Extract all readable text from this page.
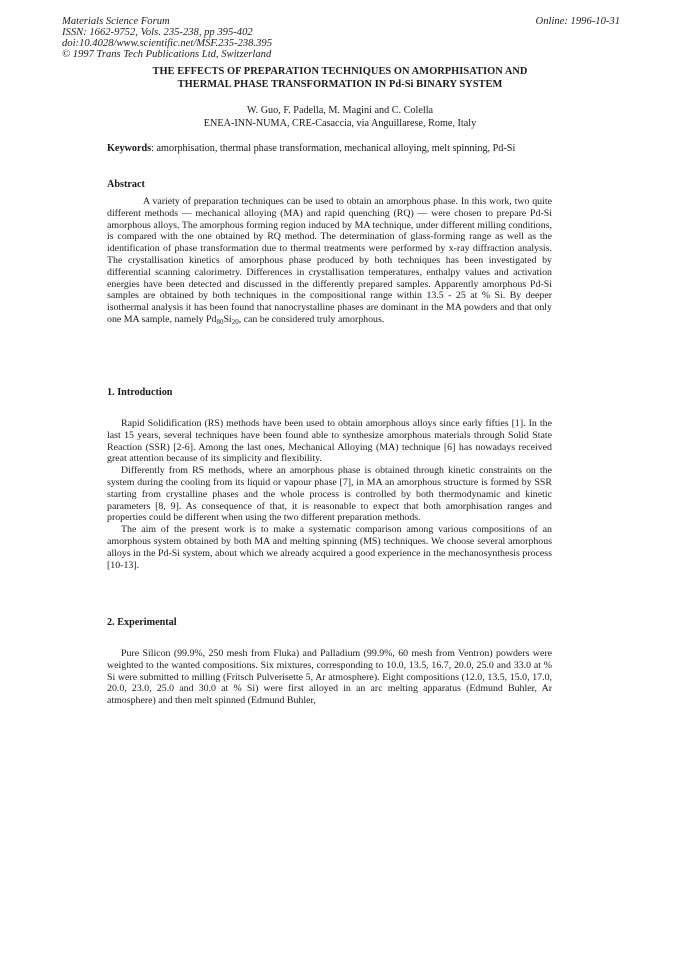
Materials Science Forum
ISSN: 1662-9752, Vols. 235-238, pp 395-402
doi:10.4028/www.scientific.net/MSF.235-238.395
© 1997 Trans Tech Publications Ltd, Switzerland
Online: 1996-10-31
THE EFFECTS OF PREPARATION TECHNIQUES ON AMORPHISATION AND
THERMAL PHASE TRANSFORMATION IN Pd-Si BINARY SYSTEM
W. Guo, F. Padella, M. Magini and C. Colella
ENEA-INN-NUMA, CRE-Casaccia, via Anguillarese, Rome, Italy
Keywords: amorphisation, thermal phase transformation, mechanical alloying, melt spinning, Pd-Si
Abstract

A variety of preparation techniques can be used to obtain an amorphous phase. In this work, two quite different methods — mechanical alloying (MA) and rapid quenching (RQ) — were chosen to prepare Pd-Si amorphous alloys. The amorphous forming region induced by MA technique, under different milling conditions, is compared with the one obtained by RQ method. The determination of glass-forming range as well as the identification of phase transformation due to thermal treatments were performed by x-ray diffraction analysis. The crystallisation kinetics of amorphous phase produced by both techniques has been investigated by differential scanning calorimetry. Differences in crystallisation temperatures, enthalpy values and activation energies have been detected and discussed in the differently prepared samples. Apparently amorphous Pd-Si samples are obtained by both techniques in the compositional range within 13.5 - 25 at % Si. By deeper isothermal analysis it has been found that nanocrystalline phases are dominant in the MA powders and that only one MA sample, namely $Pd_{80}Si_{20}$, can be considered truly amorphous.

1. Introduction

Rapid Solidification (RS) methods have been used to obtain amorphous alloys since early fifties [1]. In the last 15 years, several techniques have been found able to synthesize amorphous materials through Solid State Reaction (SSR) [2-6]. Among the last ones, Mechanical Alloying (MA) technique [6] has nowadays received great attention because of its simplicity and flexibility.

Differently from RS methods, where an amorphous phase is obtained through kinetic constraints on the system during the cooling from its liquid or vapour phase [7], in MA an amorphous structure is formed by SSR starting from crystalline phases and the whole process is controlled by both thermodynamic and kinetic parameters [8, 9]. As consequence of that, it is reasonable to expect that both amorphisation ranges and properties could be different when using the two different preparation methods.

The aim of the present work is to make a systematic comparison among various compositions of an amorphous system obtained by both MA and melting spinning (MS) techniques. We choose several amorphous alloys in the Pd-Si system, about which we already acquired a good experience in the mechanosynthesis process [10-13].

2. Experimental

Pure Silicon (99.9%, 250 mesh from Fluka) and Palladium (99.9%, 60 mesh from Ventron) powders were weighted to the wanted compositions. Six mixtures, corresponding to 10.0, 13.5, 16.7, 20.0, 25.0 and 33.0 at % Si were submitted to milling (Fritsch Pulverisette 5, Ar atmosphere). Eight compositions (12.0, 13.5, 15.0, 17.0, 20.0, 23.0, 25.0 and 30.0 at % Si) were first alloyed in an arc melting apparatus (Edmund Buhler, Ar atmosphere) and then melt spinned (Edmund Buhler,
